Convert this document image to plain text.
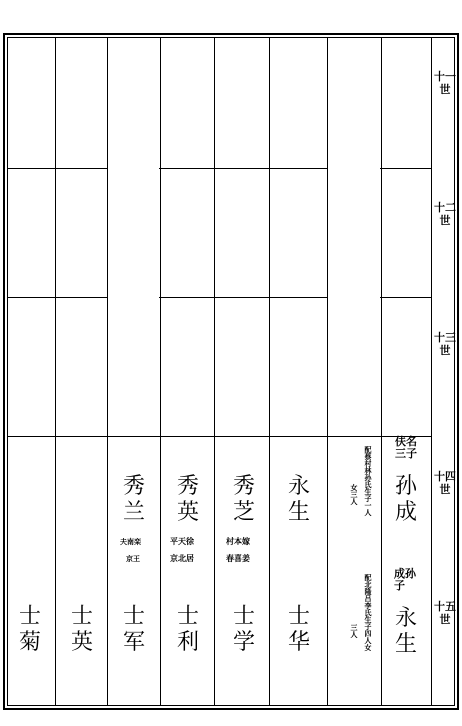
十一世
十二世
十三世
十四世
十五世
伕名三子
孙成
配蔡村林孙氏生子一人
女三人
永生
秀芝
村本嫁
春喜姜
秀英
平天徐
京北居
秀兰
夫南栾
京王
成孙子
永生
配北隆吕李氏生子四人女
三人
士华
士学
士利
士军
士英
士菊
